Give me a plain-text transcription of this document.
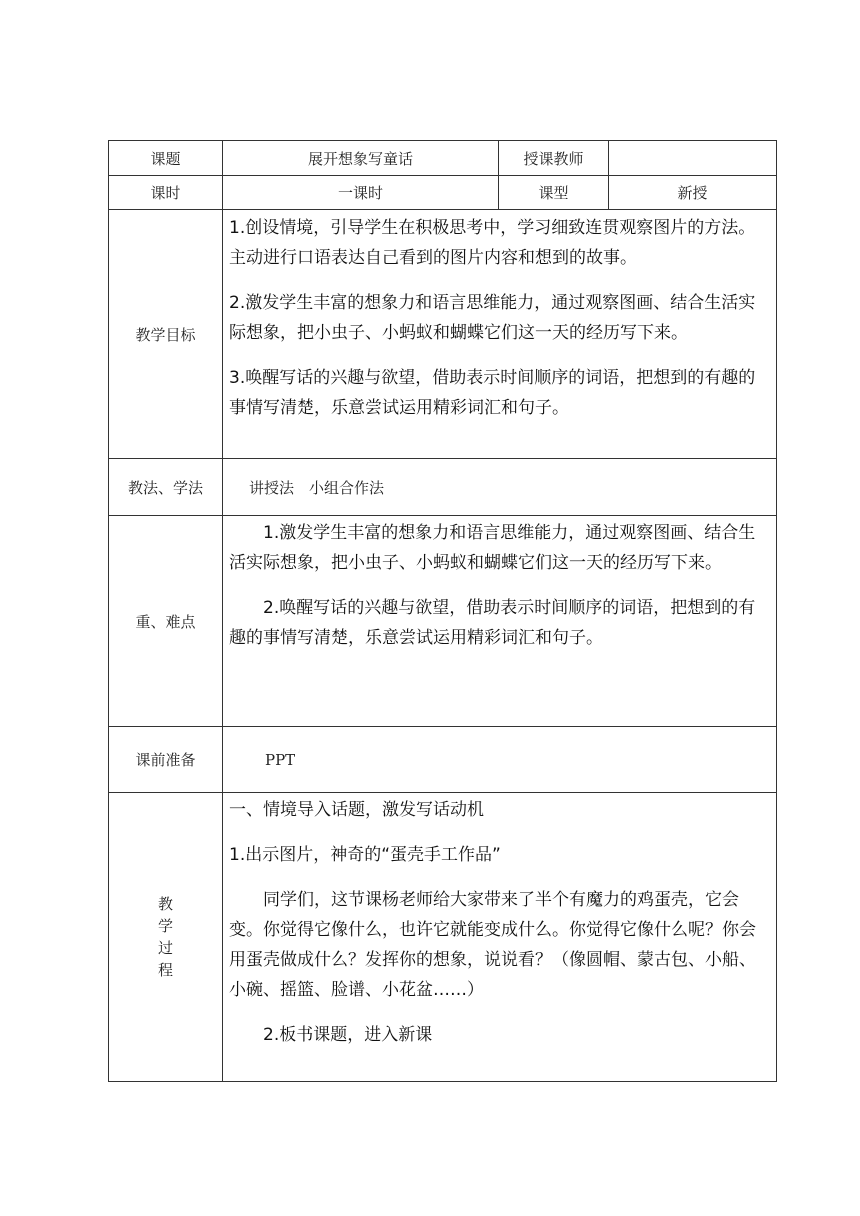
课题	展开想象写童话	授课教师	
课时	一课时	课型	新授
教学目标	1.创设情境，引导学生在积极思考中，学习细致连贯观察图片的方法。主动进行口语表达自己看到的图片内容和想到的故事。

2.激发学生丰富的想象力和语言思维能力，通过观察图画、结合生活实际想象，把小虫子、小蚂蚁和蝴蝶它们这一天的经历写下来。

3.唤醒写话的兴趣与欲望，借助表示时间顺序的词语，把想到的有趣的事情写清楚，乐意尝试运用精彩词汇和句子。		

教法、学法	讲授法　小组合作法		
重、难点	1.激发学生丰富的想象力和语言思维能力，通过观察图画、结合生活实际想象，把小虫子、小蚂蚁和蝴蝶它们这一天的经历写下来。

2.唤醒写话的兴趣与欲望，借助表示时间顺序的词语，把想到的有趣的事情写清楚，乐意尝试运用精彩词汇和句子。		

课前准备	PPT		
教学过程	一、情境导入话题，激发写话动机

1.出示图片，神奇的“蛋壳手工作品”

同学们，这节课杨老师给大家带来了半个有魔力的鸡蛋壳，它会变。你觉得它像什么，也许它就能变成什么。你觉得它像什么呢？你会用蛋壳做成什么？发挥你的想象，说说看？（像圆帽、蒙古包、小船、小碗、摇篮、脸谱、小花盆……）

2.板书课题，进入新课		
